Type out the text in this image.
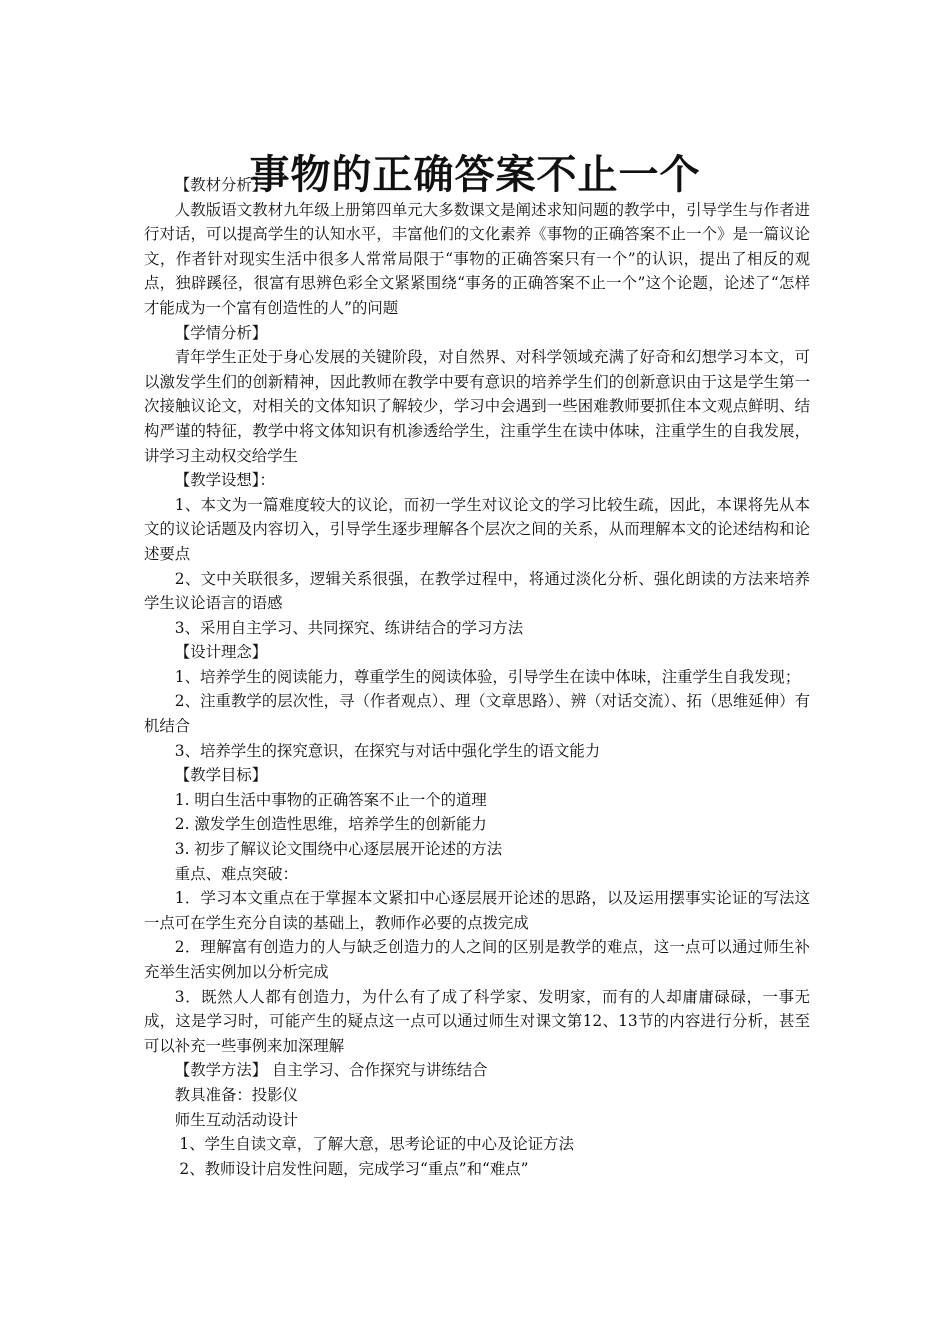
事物的正确答案不止一个

【教材分析】

人教版语文教材九年级上册第四单元大多数课文是阐述求知问题的教学中，引导学生与作者进行对话，可以提高学生的认知水平，丰富他们的文化素养《事物的正确答案不止一个》是一篇议论文，作者针对现实生活中很多人常常局限于“事物的正确答案只有一个”的认识，提出了相反的观点，独辟蹊径，很富有思辨色彩全文紧紧围绕“事务的正确答案不止一个”这个论题，论述了“怎样才能成为一个富有创造性的人”的问题

【学情分析】

青年学生正处于身心发展的关键阶段，对自然界、对科学领域充满了好奇和幻想学习本文，可以激发学生们的创新精神，因此教师在教学中要有意识的培养学生们的创新意识由于这是学生第一次接触议论文，对相关的文体知识了解较少，学习中会遇到一些困难教师要抓住本文观点鲜明、结构严谨的特征，教学中将文体知识有机渗透给学生，注重学生在读中体味，注重学生的自我发展，讲学习主动权交给学生

【教学设想】：

1、本文为一篇难度较大的议论，而初一学生对议论文的学习比较生疏，因此，本课将先从本文的议论话题及内容切入，引导学生逐步理解各个层次之间的关系，从而理解本文的论述结构和论述要点

2、文中关联很多，逻辑关系很强，在教学过程中，将通过淡化分析、强化朗读的方法来培养学生议论语言的语感

3、采用自主学习、共同探究、练讲结合的学习方法

【设计理念】

1、培养学生的阅读能力，尊重学生的阅读体验，引导学生在读中体味，注重学生自我发现；

2、注重教学的层次性，寻（作者观点）、理（文章思路）、辨（对话交流）、拓（思维延伸）有机结合

3、培养学生的探究意识，在探究与对话中强化学生的语文能力

【教学目标】

1. 明白生活中事物的正确答案不止一个的道理

2. 激发学生创造性思维，培养学生的创新能力

3. 初步了解议论文围绕中心逐层展开论述的方法

重点、难点突破：

1．学习本文重点在于掌握本文紧扣中心逐层展开论述的思路，以及运用摆事实论证的写法这一点可在学生充分自读的基础上，教师作必要的点拨完成

2．理解富有创造力的人与缺乏创造力的人之间的区别是教学的难点，这一点可以通过师生补充举生活实例加以分析完成

3．既然人人都有创造力，为什么有了成了科学家、发明家，而有的人却庸庸碌碌，一事无成，这是学习时，可能产生的疑点这一点可以通过师生对课文第12、13节的内容进行分析，甚至可以补充一些事例来加深理解

【教学方法】 自主学习、合作探究与讲练结合

教具准备：投影仪

师生互动活动设计

1、学生自读文章，了解大意，思考论证的中心及论证方法

2、教师设计启发性问题，完成学习“重点”和“难点”
